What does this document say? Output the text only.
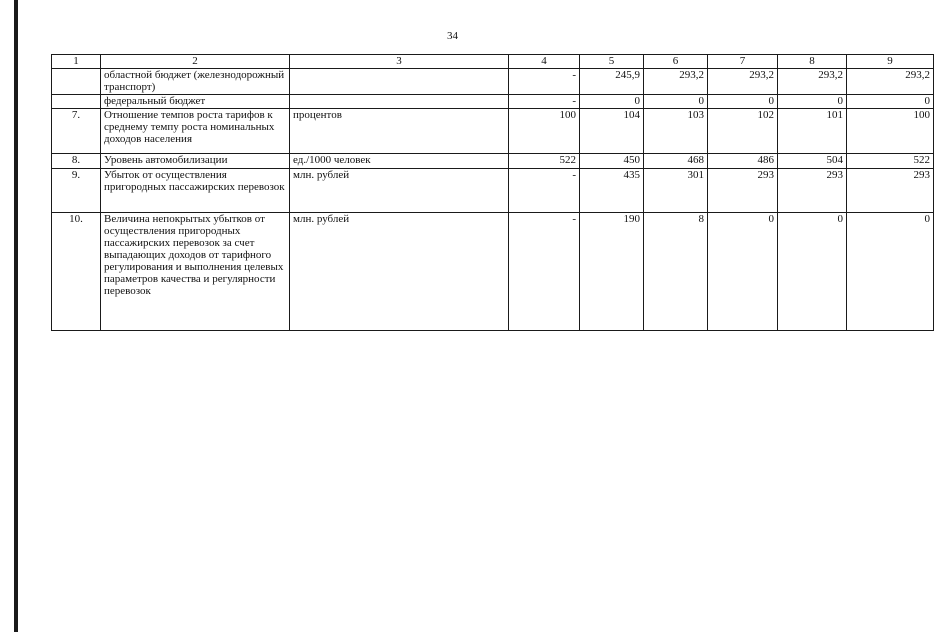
34
1	2	3	4	5	6	7	8	9
	областной бюджет (железнодорожный транспорт)		-	245,9	293,2	293,2	293,2	293,2
	федеральный бюджет		-	0	0	0	0	0
7.	Отношение темпов роста тарифов к среднему темпу роста номинальных доходов населения	процентов	100	104	103	102	101	100
8.	Уровень автомобилизации	ед./1000 человек	522	450	468	486	504	522
9.	Убыток от осуществления пригородных пассажирских перевозок	млн. рублей	-	435	301	293	293	293
10.	Величина непокрытых убытков от осуществления пригородных пассажирских перевозок за счет выпадающих доходов от тарифного регулирования и выполнения целевых параметров качества и регулярности перевозок	млн. рублей	-	190	8	0	0	0
